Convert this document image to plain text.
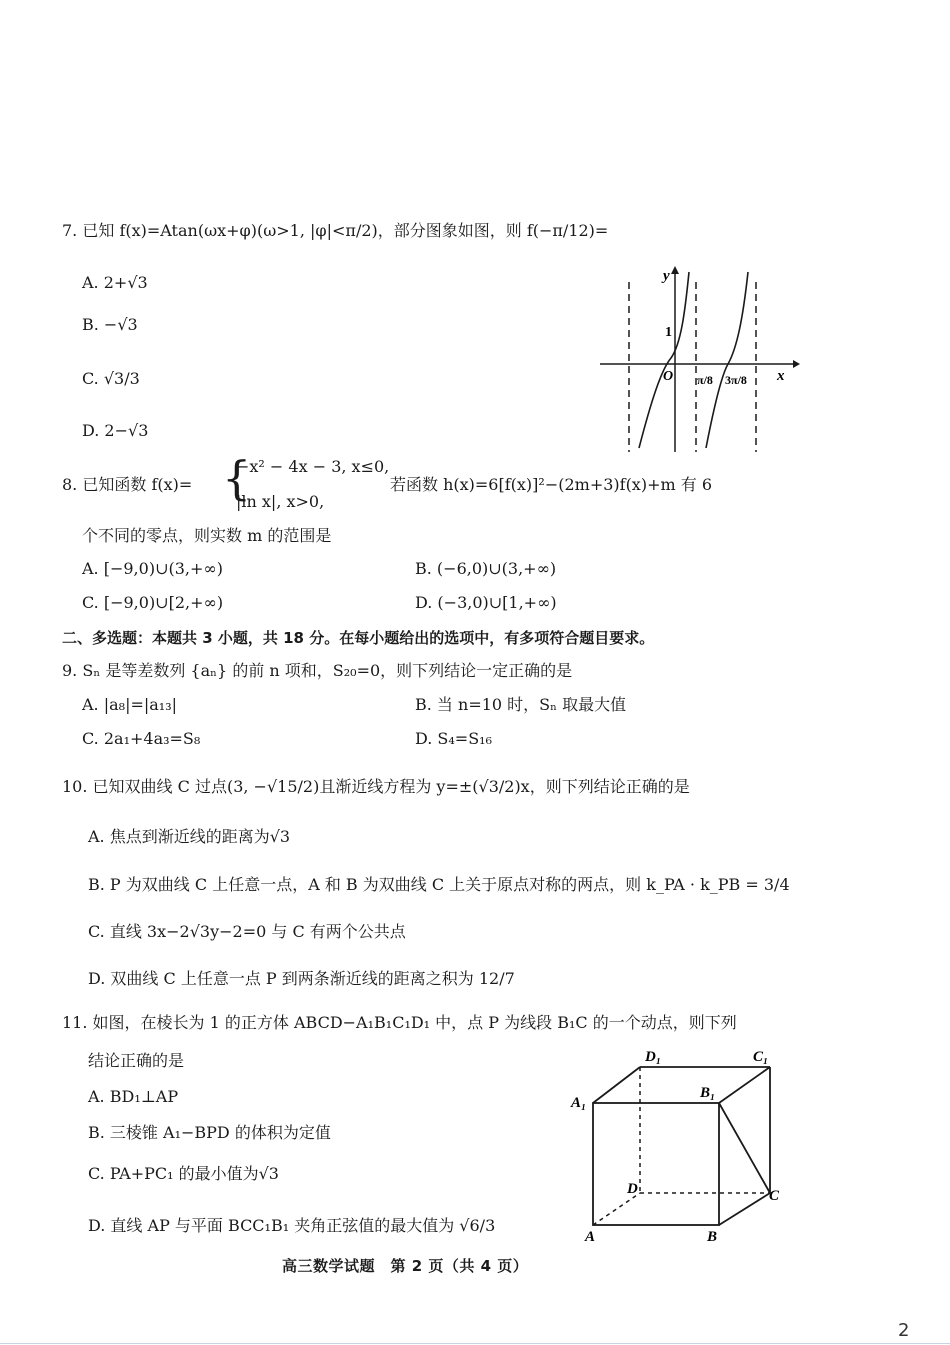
7. 已知 f(x)=Atan(ωx+φ)(ω>1, |φ|<π/2)，部分图象如图，则 f(−π/12)=
A. 2+√3
B. −√3
C. √3/3
D. 2−√3
y
x
O
1
π/8 3π/8
8. 已知函数 f(x)= {
−x² − 4x − 3, x≤0,
|ln x|, x>0,
若函数 h(x)=6[f(x)]²−(2m+3)f(x)+m 有 6
个不同的零点，则实数 m 的范围是
A. [−9,0)∪(3,+∞)	B. (−6,0)∪(3,+∞)
C. [−9,0)∪[2,+∞)	D. (−3,0)∪[1,+∞)
二、多选题：本题共 3 小题，共 18 分。在每小题给出的选项中，有多项符合题目要求。
9. Sₙ 是等差数列 {aₙ} 的前 n 项和，S₂₀=0，则下列结论一定正确的是
A. |a₈|=|a₁₃|	B. 当 n=10 时，Sₙ 取最大值
C. 2a₁+4a₃=S₈	D. S₄=S₁₆
10. 已知双曲线 C 过点(3, −√15/2)且渐近线方程为 y=±(√3/2)x，则下列结论正确的是
A. 焦点到渐近线的距离为√3
B. P 为双曲线 C 上任意一点，A 和 B 为双曲线 C 上关于原点对称的两点，则 k_PA · k_PB = 3/4
C. 直线 3x−2√3y−2=0 与 C 有两个公共点
D. 双曲线 C 上任意一点 P 到两条渐近线的距离之积为 12/7
11. 如图，在棱长为 1 的正方体 ABCD−A₁B₁C₁D₁ 中，点 P 为线段 B₁C 的一个动点，则下列
结论正确的是
A. BD₁⊥AP
B. 三棱锥 A₁−BPD 的体积为定值
C. PA+PC₁ 的最小值为√3
D. 直线 AP 与平面 BCC₁B₁ 夹角正弦值的最大值为 √6/3
D₁	C₁
A₁
B₁
D	C
A	B
高三数学试题　第 2 页（共 4 页）
2
